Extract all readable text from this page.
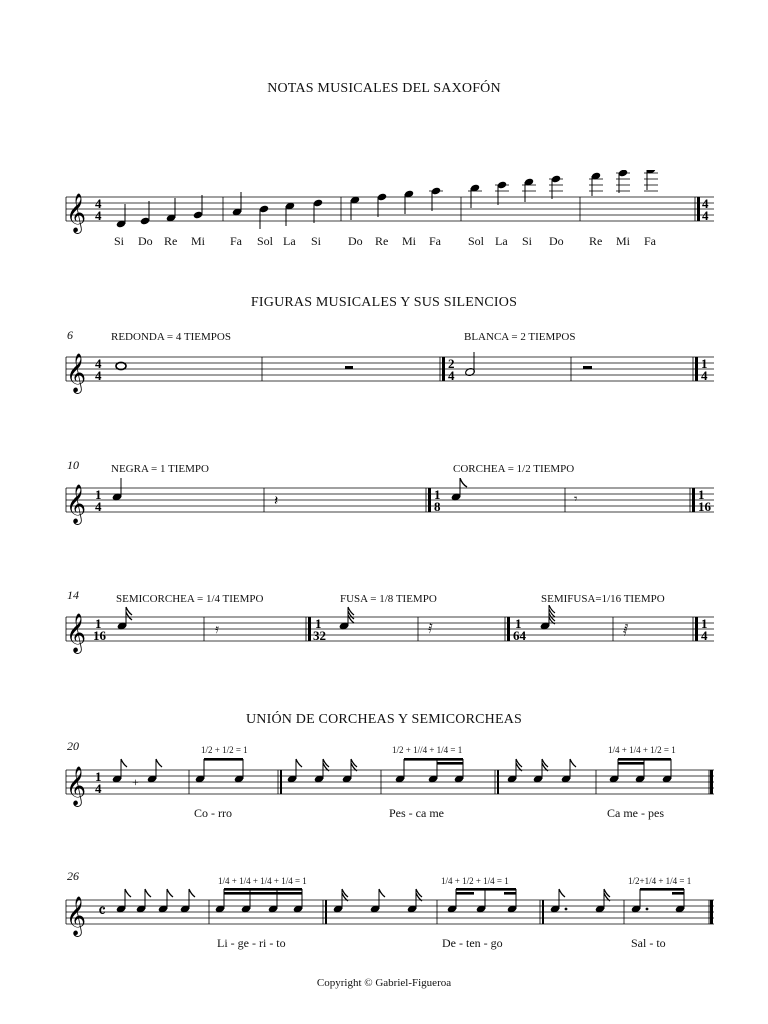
NOTAS MUSICALES DEL SAXOFÓN
𝄞 4	4
4
4
Si Do Re Mi Fa Sol La Si Do Re Mi Fa Sol La Si Do Re Mi Fa
FIGURAS MUSICALES Y SUS SILENCIOS
6	REDONDA = 4 TIEMPOS	BLANCA = 2 TIEMPOS
𝄞 4
4
2
4
1
4
10	NEGRA = 1 TIEMPO	CORCHEA = 1/2 TIEMPO
𝄞 1
4	𝄽	1
8
𝄾	1
16
14	SEMICORCHEA = 1/4 TIEMPO	FUSA = 1/8 TIEMPO	SEMIFUSA=1/16 TIEMPO
𝄞 1
16	𝄿	1
32	𝅀	1
64	𝅁	1
4
UNIÓN DE CORCHEAS Y SEMICORCHEAS
20	1/2 + 1/2 = 1	1/2 + 1//4 + 1/4 = 1	1/4 + 1/4 + 1/2 = 1
𝄞 1
4	+
Co - rro	Pes - ca me	Ca me - pes
26	1/4 + 1/4 + 1/4 + 1/4 = 1	1/4 + 1/2 + 1/4 = 1	1/2+1/4 + 1/4 = 1
𝄞 𝄴
Li - ge - ri - to	De - ten - go	Sal - to
Copyright © Gabriel-Figueroa
